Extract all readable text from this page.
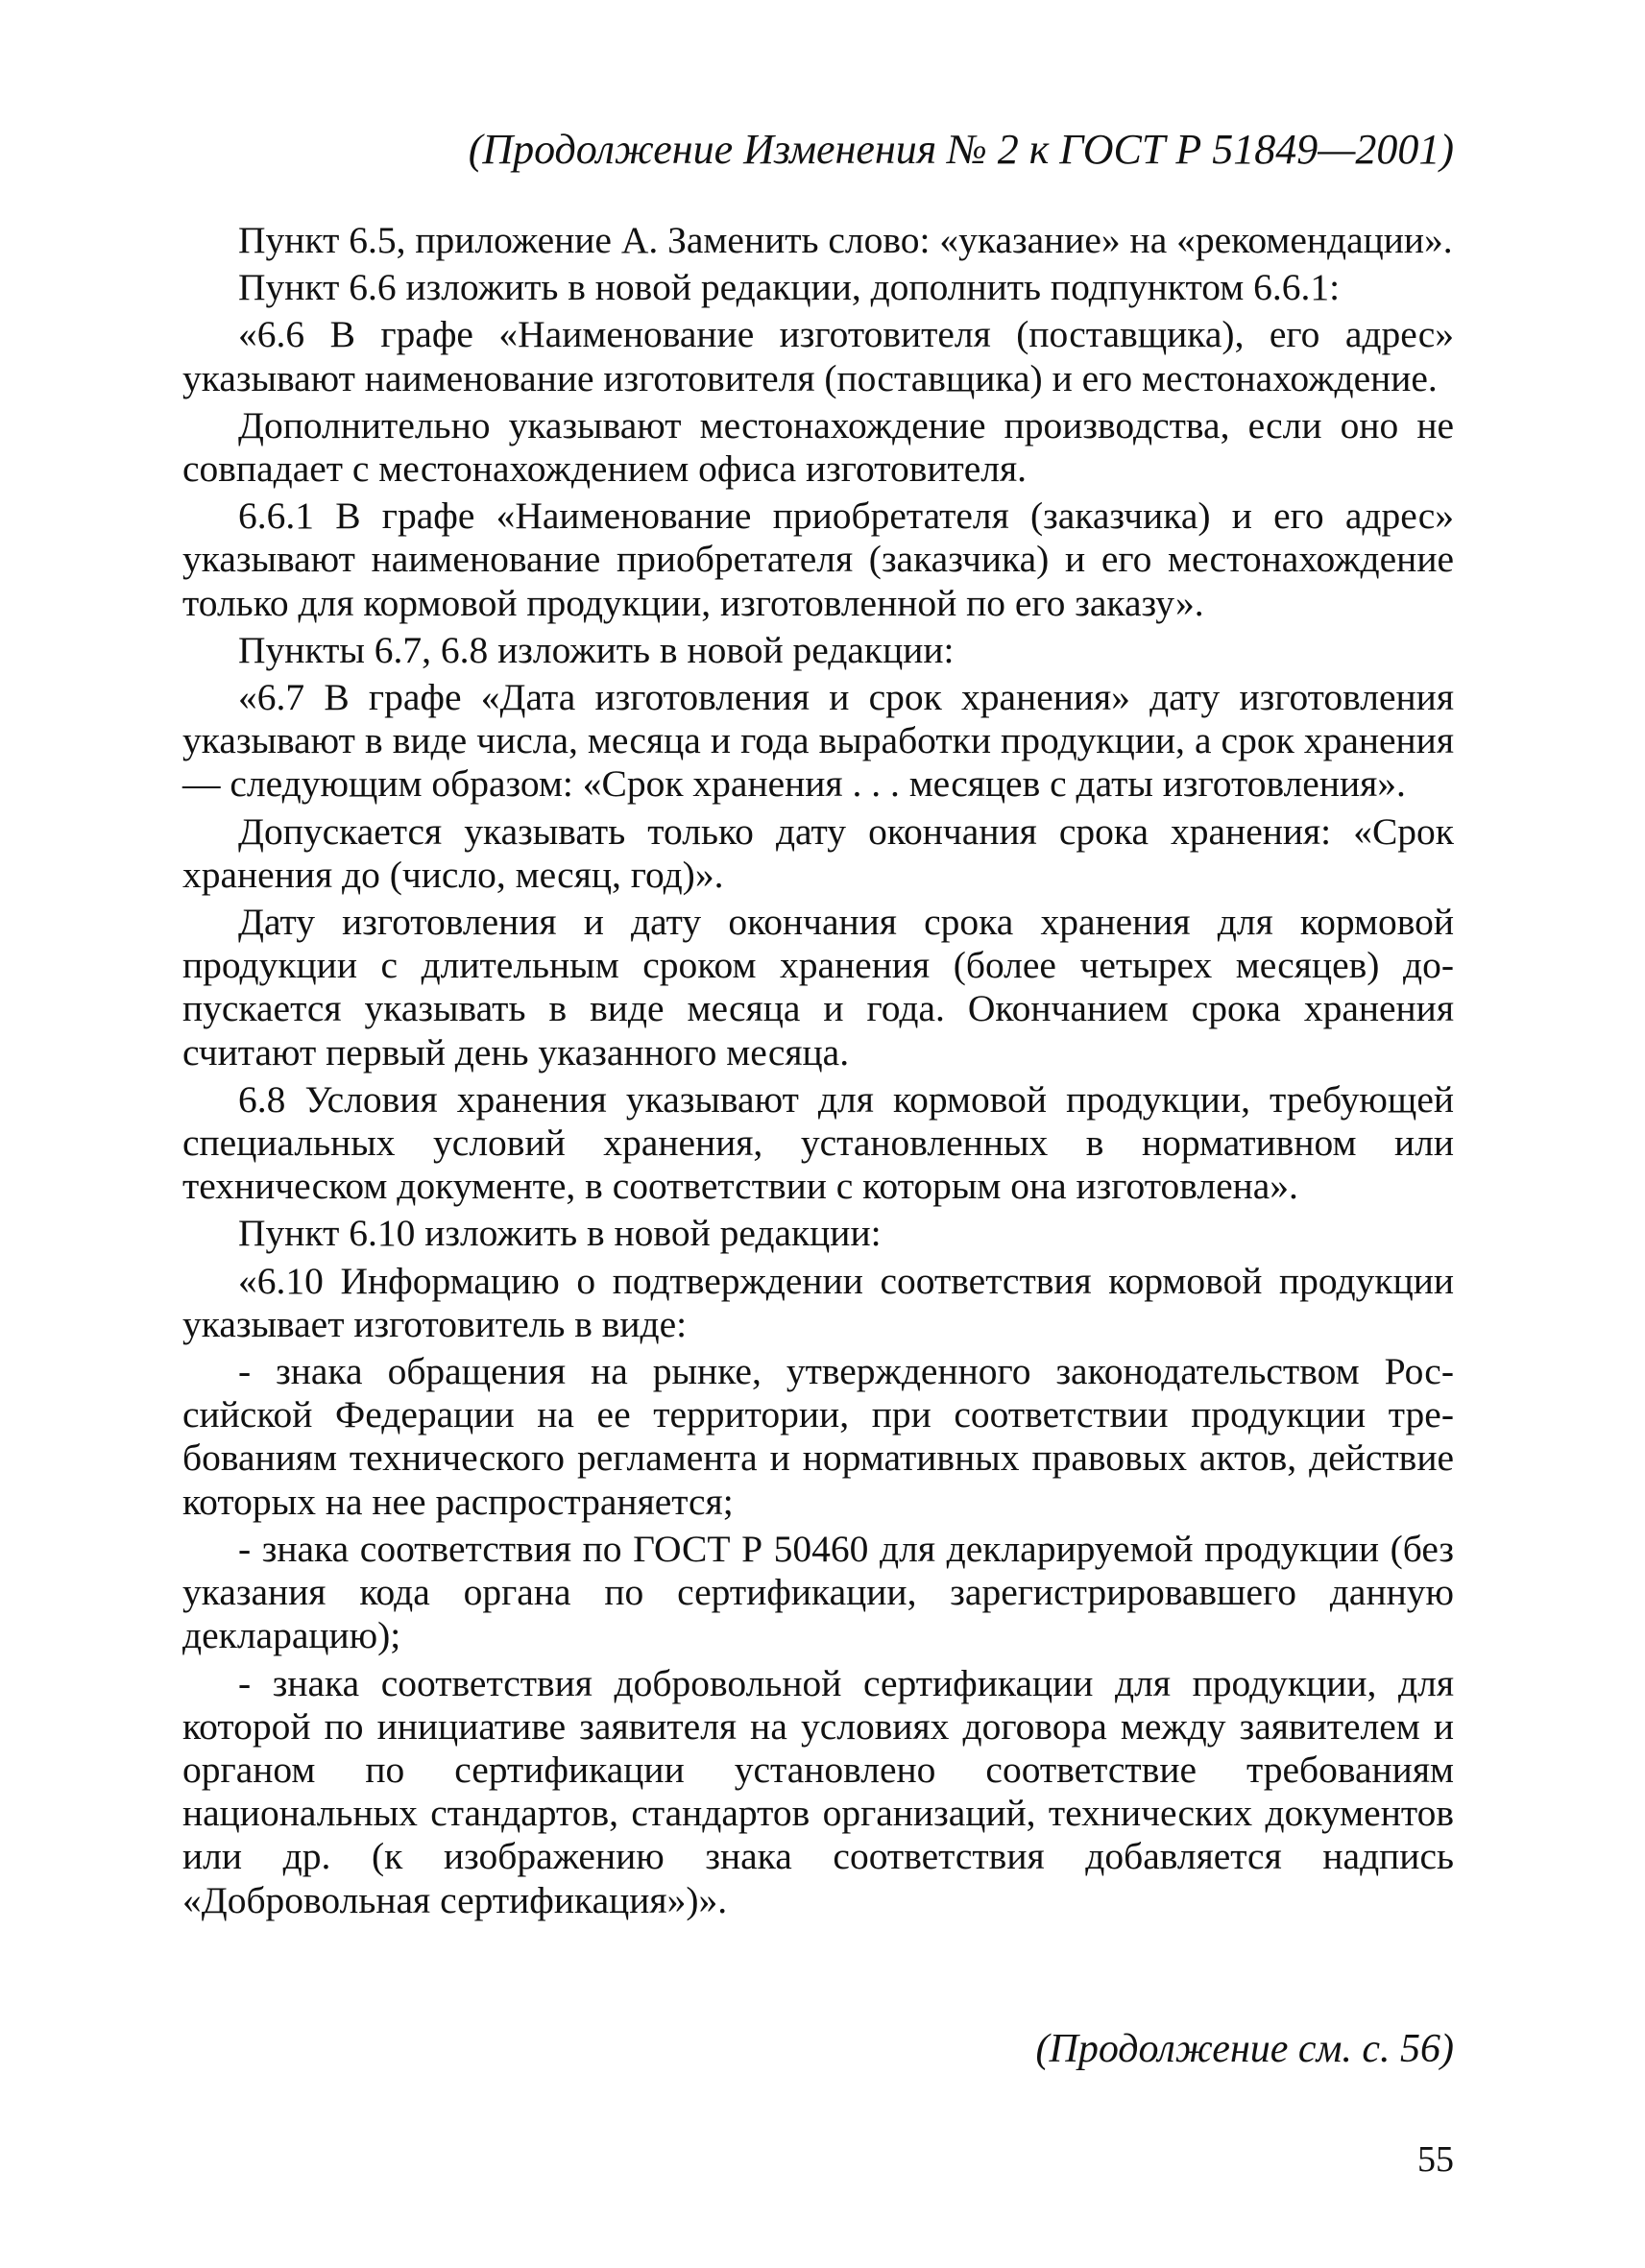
(Продолжение Изменения № 2 к ГОСТ Р 51849—2001)

Пункт 6.5, приложение А. Заменить слово: «указание» на «рекомендации».

Пункт 6.6 изложить в новой редакции, дополнить подпунктом 6.6.1:

«6.6 В графе «Наименование изготовителя (поставщика), его адрес» указывают наименование изготовителя (поставщика) и его местонахождение.

Дополнительно указывают местонахождение производства, если оно не совпадает с местонахождением офиса изготовителя.

6.6.1 В графе «Наименование приобретателя (заказчика) и его адрес» указывают наименование приобретателя (заказчика) и его местонахождение только для кормовой продукции, изготовленной по его заказу».

Пункты 6.7, 6.8 изложить в новой редакции:

«6.7 В графе «Дата изготовления и срок хранения» дату изготовления указывают в виде числа, месяца и года выработки продукции, а срок хранения — следующим образом: «Срок хранения . . . месяцев с даты изготовления».

Допускается указывать только дату окончания срока хранения: «Срок хранения до (число, месяц, год)».

Дату изготовления и дату окончания срока хранения для кормовой продукции с длительным сроком хранения (более четырех месяцев) допускается указывать в виде месяца и года. Окончанием срока хранения считают первый день указанного месяца.

6.8 Условия хранения указывают для кормовой продукции, требующей специальных условий хранения, установленных в нормативном или техническом документе, в соответствии с которым она изготовлена».

Пункт 6.10 изложить в новой редакции:

«6.10 Информацию о подтверждении соответствия кормовой продукции указывает изготовитель в виде:

- знака обращения на рынке, утвержденного законодательством Российской Федерации на ее территории, при соответствии продукции требованиям технического регламента и нормативных правовых актов, действие которых на нее распространяется;

- знака соответствия по ГОСТ Р 50460 для декларируемой продукции (без указания кода органа по сертификации, зарегистрировавшего данную декларацию);

- знака соответствия добровольной сертификации для продукции, для которой по инициативе заявителя на условиях договора между заявителем и органом по сертификации установлено соответствие требованиям национальных стандартов, стандартов организаций, технических документов или др. (к изображению знака соответствия добавляется надпись «Добровольная сертификация»)».

(Продолжение см. с. 56)
55
